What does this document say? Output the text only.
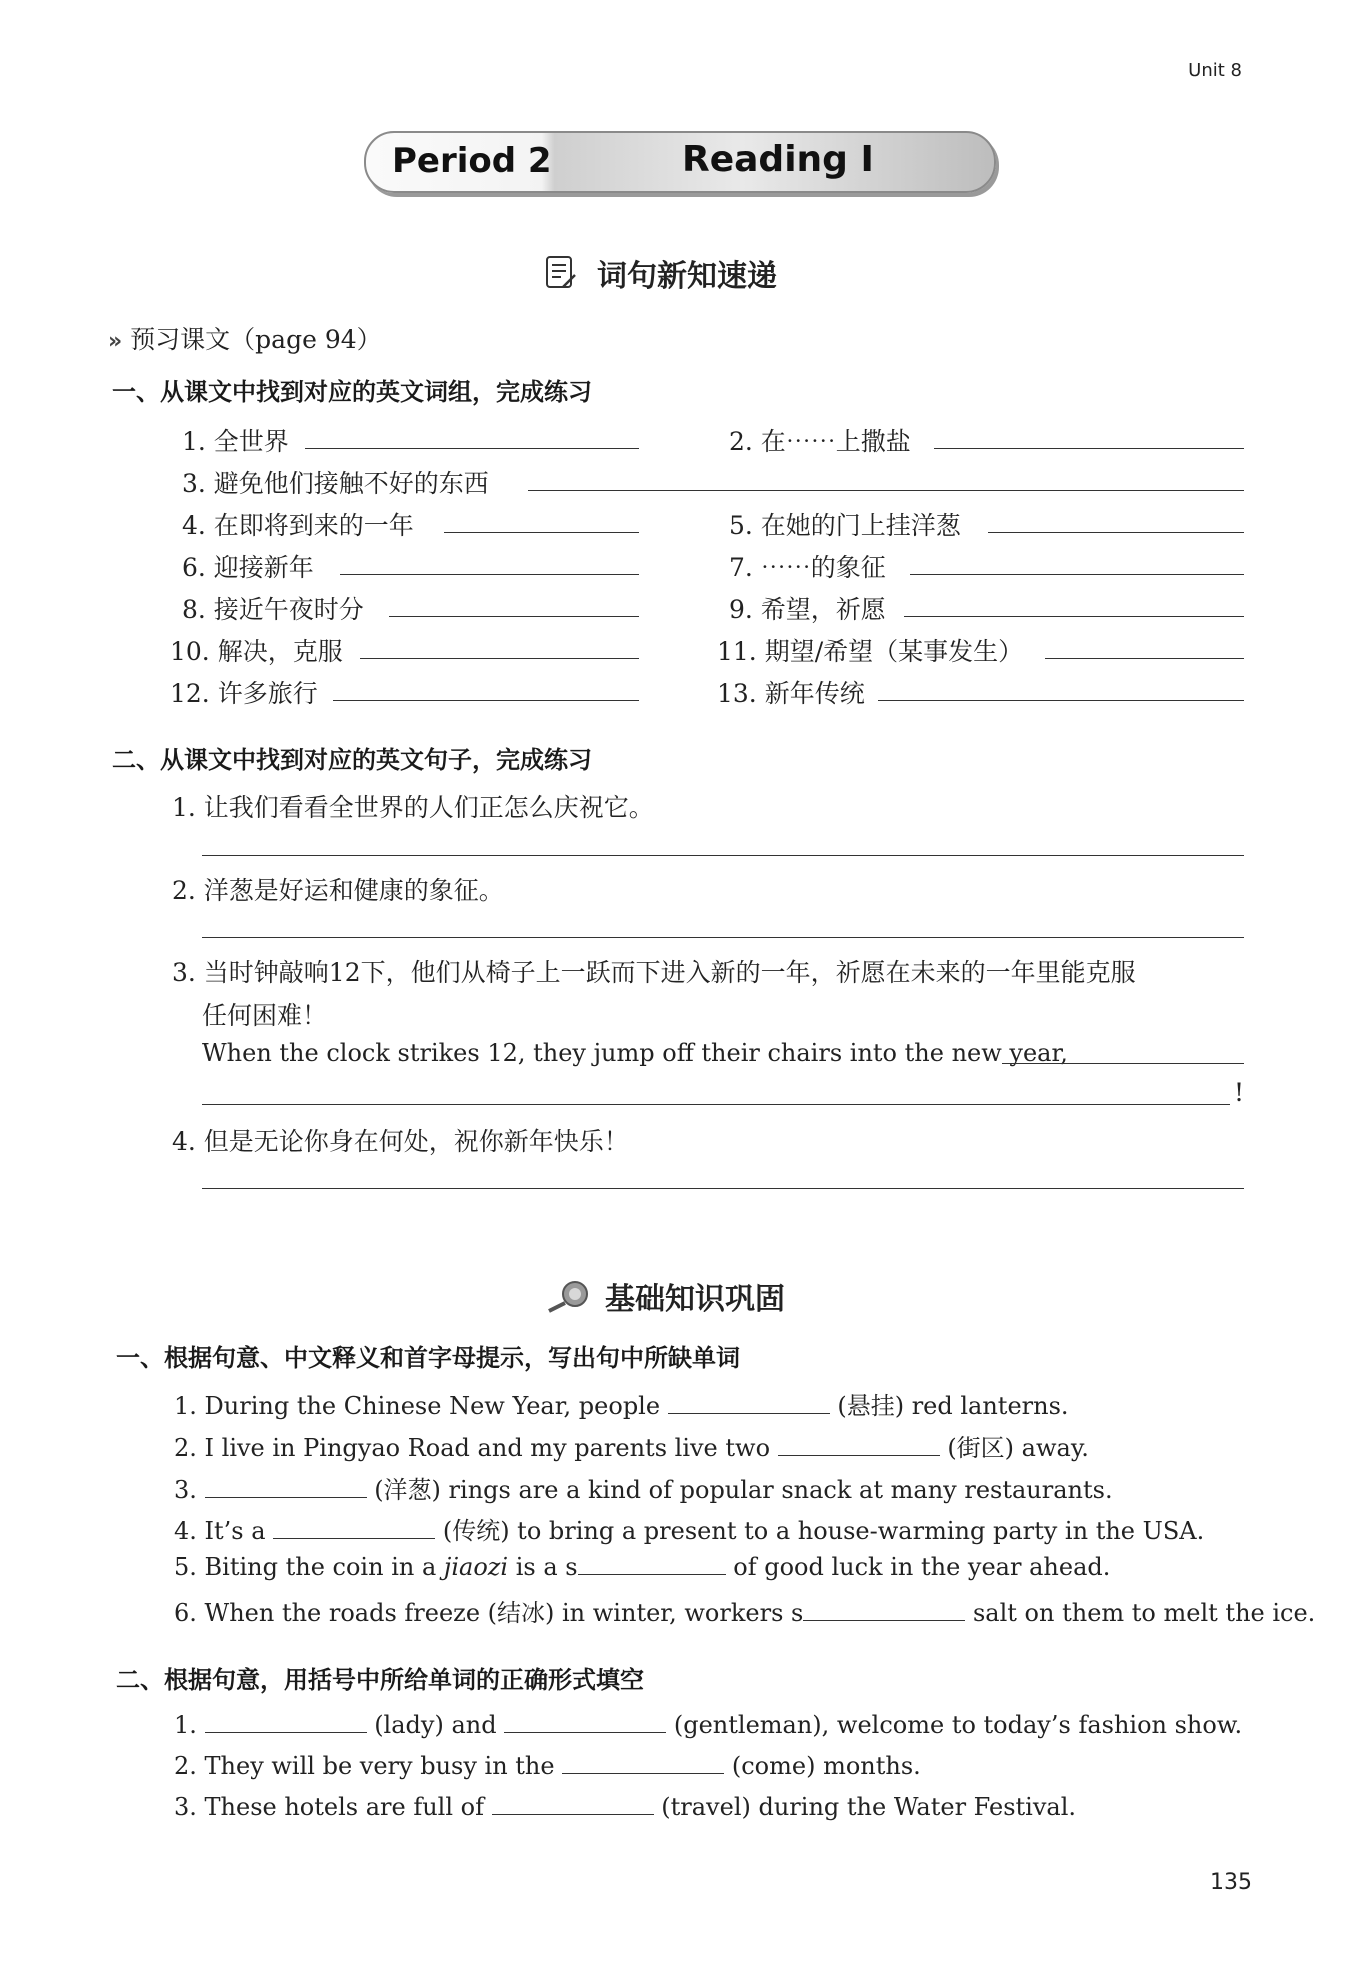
Unit 8
Period 2	Reading I
词句新知速递
» 预习课文（page 94）
一、从课文中找到对应的英文词组，完成练习
1. 全世界	2. 在⋯⋯上撒盐
3. 避免他们接触不好的东西
4. 在即将到来的一年	5. 在她的门上挂洋葱
6. 迎接新年	7. ⋯⋯的象征
8. 接近午夜时分	9. 希望，祈愿
10. 解决，克服	11. 期望/希望（某事发生）
12. 许多旅行	13. 新年传统
二、从课文中找到对应的英文句子，完成练习
1. 让我们看看全世界的人们正怎么庆祝它。
2. 洋葱是好运和健康的象征。
3. 当时钟敲响12下，他们从椅子上一跃而下进入新的一年，祈愿在未来的一年里能克服
任何困难！
When the clock strikes 12, they jump off their chairs into the new year,
!
4. 但是无论你身在何处，祝你新年快乐！
基础知识巩固
一、根据句意、中文释义和首字母提示，写出句中所缺单词
1. During the Chinese New Year, people	(悬挂) red lanterns.
2. I live in Pingyao Road and my parents live two	(街区) away.
3.	(洋葱) rings are a kind of popular snack at many restaurants.
4. It’s a	(传统) to bring a present to a house-warming party in the USA.
5. Biting the coin in a jiaozi is a s	of good luck in the year ahead.
6. When the roads freeze (结冰) in winter, workers s	salt on them to melt the ice.
二、根据句意，用括号中所给单词的正确形式填空
1.	(lady) and	(gentleman), welcome to today’s fashion show.
2. They will be very busy in the	(come) months.
3. These hotels are full of	(travel) during the Water Festival.
135
